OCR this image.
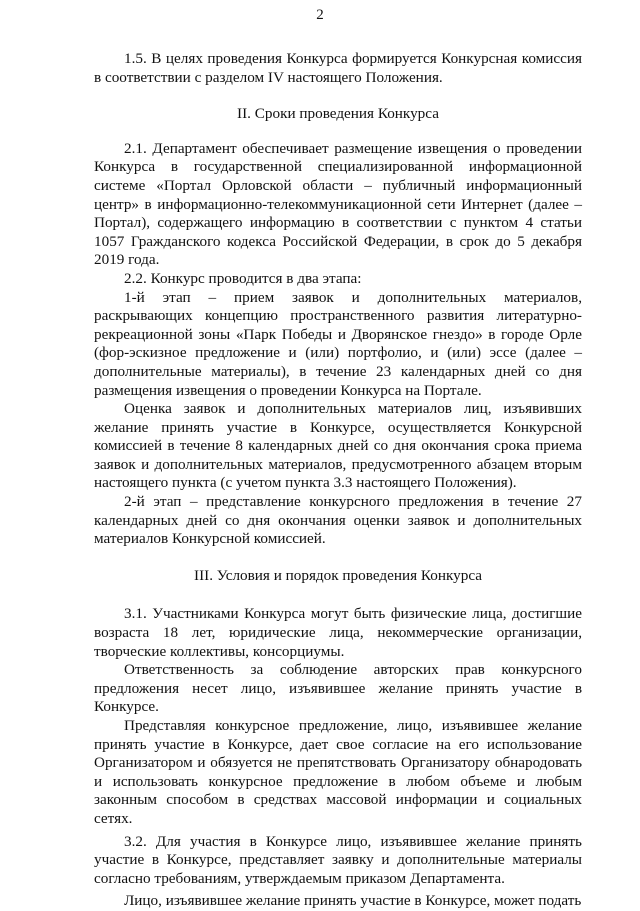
2

1.5. В целях проведения Конкурса формируется Конкурсная комиссия в соответствии с разделом IV настоящего Положения.

II. Сроки проведения Конкурса

2.1. Департамент обеспечивает размещение извещения о проведении Конкурса в государственной специализированной информационной системе «Портал Орловской области – публичный информационный центр» в информационно-телекоммуникационной сети Интернет (далее – Портал), содержащего информацию в соответствии с пунктом 4 статьи 1057 Гражданского кодекса Российской Федерации, в срок до 5 декабря 2019 года.

2.2. Конкурс проводится в два этапа:

1-й этап – прием заявок и дополнительных материалов, раскрывающих концепцию пространственного развития литературно-рекреационной зоны «Парк Победы и Дворянское гнездо» в городе Орле (фор-эскизное предложение и (или) портфолио, и (или) эссе (далее – дополнительные материалы), в течение 23 календарных дней со дня размещения извещения о проведении Конкурса на Портале.

Оценка заявок и дополнительных материалов лиц, изъявивших желание принять участие в Конкурсе, осуществляется Конкурсной комиссией в течение 8 календарных дней со дня окончания срока приема заявок и дополнительных материалов, предусмотренного абзацем вторым настоящего пункта (с учетом пункта 3.3 настоящего Положения).

2-й этап – представление конкурсного предложения в течение 27 календарных дней со дня окончания оценки заявок и дополнительных материалов Конкурсной комиссией.

III. Условия и порядок проведения Конкурса

3.1. Участниками Конкурса могут быть физические лица, достигшие возраста 18 лет, юридические лица, некоммерческие организации, творческие коллективы, консорциумы.

Ответственность за соблюдение авторских прав конкурсного предложения несет лицо, изъявившее желание принять участие в Конкурсе.

Представляя конкурсное предложение, лицо, изъявившее желание принять участие в Конкурсе, дает свое согласие на его использование Организатором и обязуется не препятствовать Организатору обнародовать и использовать конкурсное предложение в любом объеме и любым законным способом в средствах массовой информации и социальных сетях.

3.2. Для участия в Конкурсе лицо, изъявившее желание принять участие в Конкурсе, представляет заявку и дополнительные материалы согласно требованиям, утверждаемым приказом Департамента.

Лицо, изъявившее желание принять участие в Конкурсе, может подать
